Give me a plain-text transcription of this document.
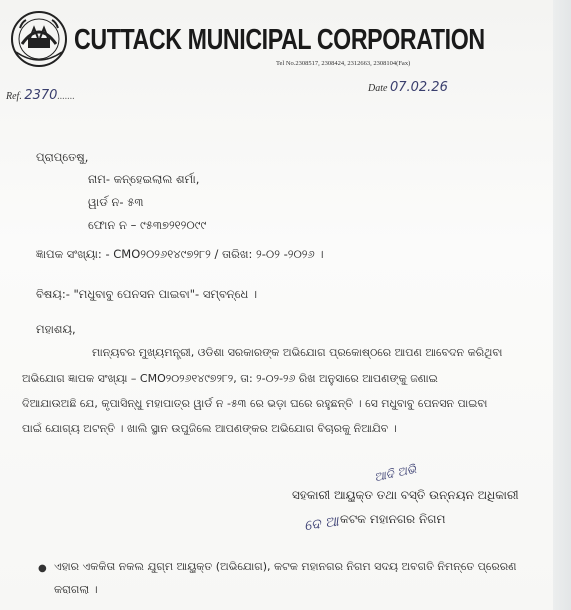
CUTTACK MUNICIPAL CORPORATION
Tel No.2308517, 2308424, 2312663, 2308104(Fax)
Ref. 2370.......
Date 07.02.26
ପ୍ରାପ୍ତେଷୁ,
ନାମ- କନ୍ହେଇଲାଲ ଶର୍ମା,
ୱାର୍ଡ ନ- ୫୩
ଫୋନ ନ – ୯୫୩୭୨୧୨୦୯୯
ଜ୍ଞାପକ ସଂଖ୍ୟା: - CMO୨୦୨୬୧୪୯୭୨୮୨ / ତାରିଖ: ୨-୦୨ -୨୦୨୬ ।
ବିଷୟ:- "ମଧୁବାବୁ ପେନସନ ପାଇବା"- ସମ୍ବନ୍ଧେ ।
ମହାଶୟ,
ମାନ୍ୟବର ମୁଖ୍ୟମନ୍ତ୍ରୀ, ଓଡିଶା ସରକାରଙ୍କ ଅଭିଯୋଗ ପ୍ରକୋଷ୍ଠରେ ଆପଣ ଆବେଦନ କରିଥିବା
ଅଭିଯୋଗ ଜ୍ଞାପକ ସଂଖ୍ୟା – CMO୨୦୨୬୧୪୯୭୨୮୨, ତା: ୨-୦୨-୨୬ ରିଖ ଅନୁସାରେ ଆପଣଙ୍କୁ ଜଣାଇ
ଦିଆଯାଉଅଛି ଯେ, କୃପାସିନ୍ଧୁ ମହାପାତ୍ର ୱାର୍ଡ ନ -୫୩ ରେ ଭଡ଼ା ଘରେ ରହୁଛନ୍ତି । ସେ ମଧୁବାବୁ ପେନସନ ପାଇବା
ପାଇଁ ଯୋଗ୍ୟ ଅଟନ୍ତି । ଖାଲି ସ୍ଥାନ ଉପୁଜିଲେ ଆପଣଙ୍କର ଅଭିଯୋଗ ବିଚାରକୁ ନିଆଯିବ ।
ଆଦି ଅଭି
ସହକାରୀ ଆୟୁକ୍ତ ତଥା ବସ୍ତି ଉନ୍ନୟନ ଅଧିକାରୀ
ଦେ ଆ କଟକ ମହାନଗର ନିଗମ
● ଏହାର ଏକକିତା ନକଲ ଯୁଗ୍ମ ଆୟୁକ୍ତ (ଅଭିଯୋଗ), କଟକ ମହାନଗର ନିଗମ ସଦୟ ଅବଗତି ନିମନ୍ତେ ପ୍ରେରଣ
କରାଗଲା ।
